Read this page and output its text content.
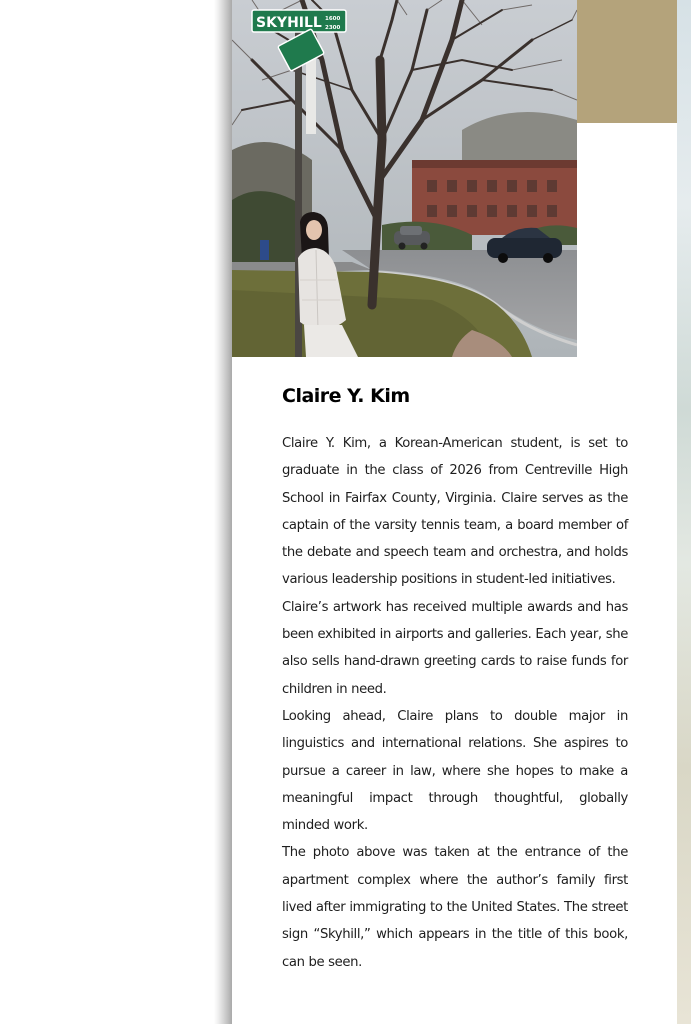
SKYHILL 1600
2300
Claire Y. Kim

Claire Y. Kim, a Korean-American student, is set to graduate in the class of 2026 from Centreville High School in Fairfax County, Virginia. Claire serves as the captain of the varsity tennis team, a board member of the debate and speech team and orchestra, and holds various leadership positions in student-led initiatives.

Claire’s artwork has received multiple awards and has been exhibited in airports and galleries. Each year, she also sells hand-drawn greeting cards to raise funds for children in need.

Looking ahead, Claire plans to double major in linguistics and international relations. She aspires to pursue a career in law, where she hopes to make a meaningful impact through thoughtful, globally minded work.

The photo above was taken at the entrance of the apartment complex where the author’s family first lived after immigrating to the United States. The street sign “Skyhill,” which appears in the title of this book, can be seen.
